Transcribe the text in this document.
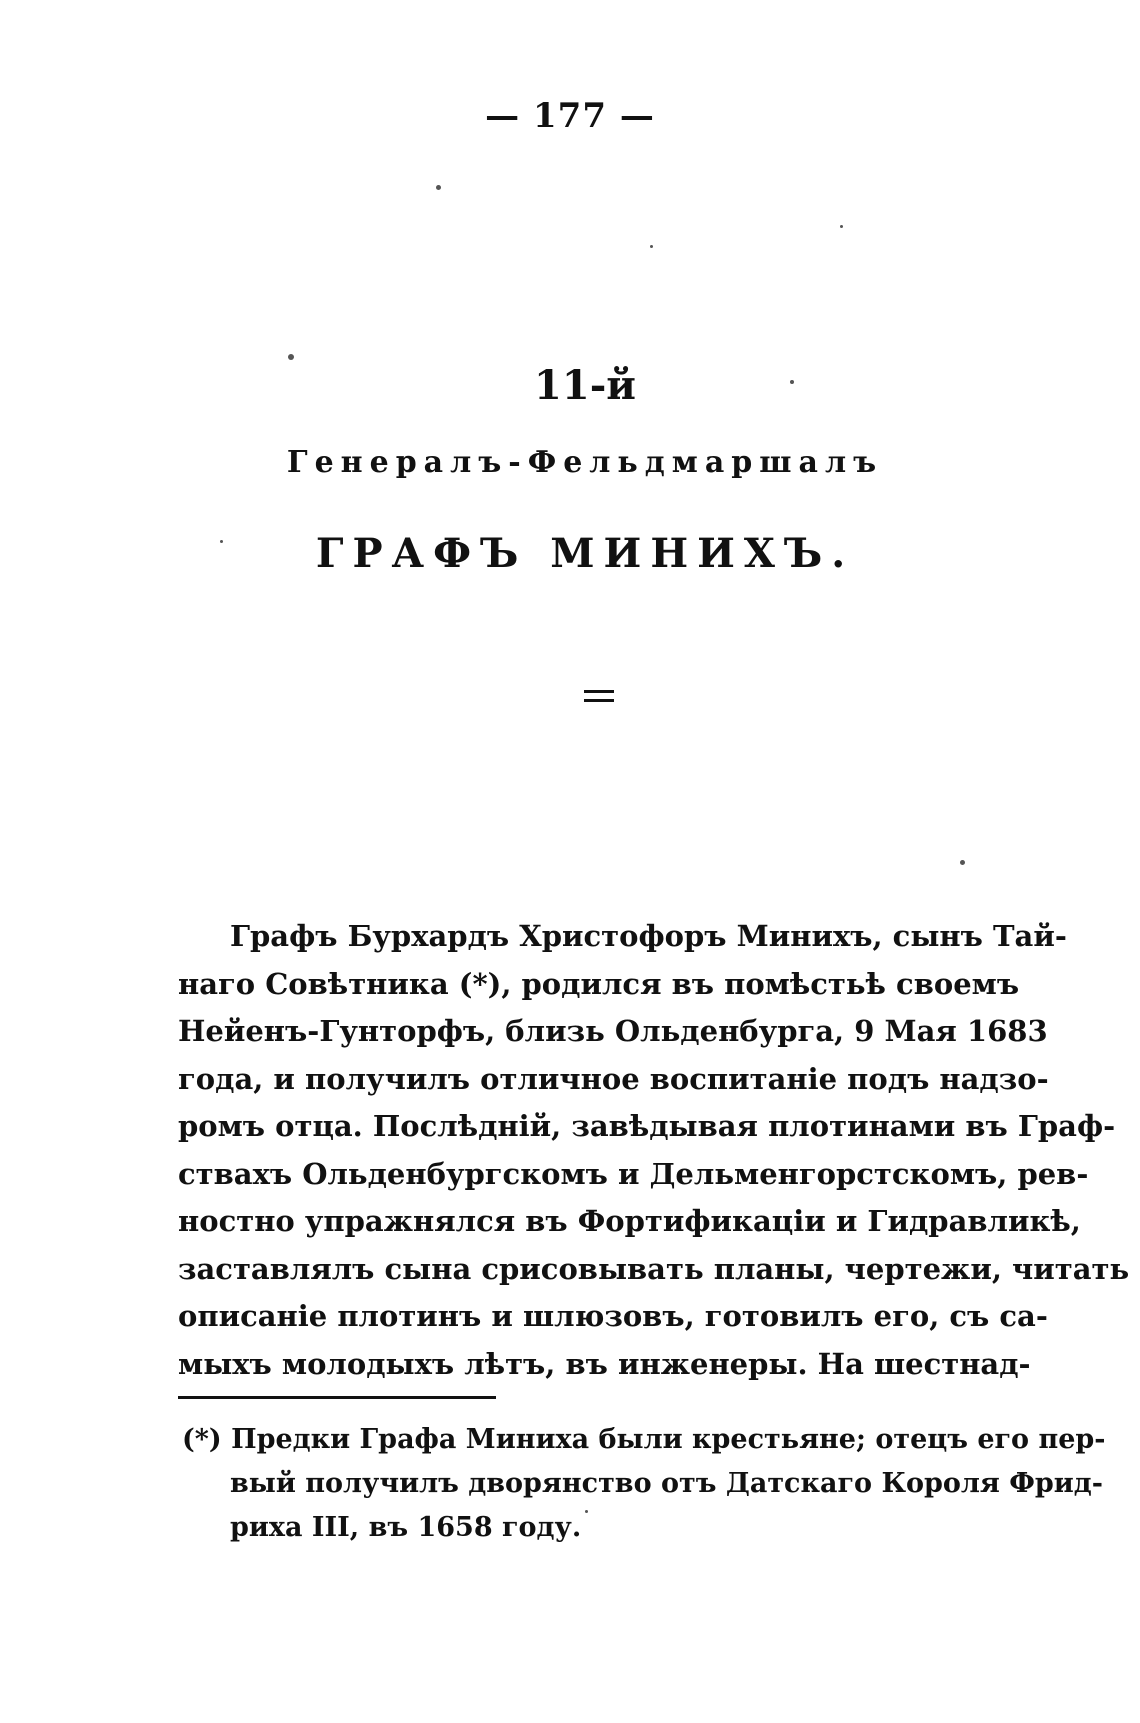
— 177 —
11-й
Генералъ-Фельдмаршалъ
ГРАФЪ МИНИХЪ.
Графъ Бурхардъ Христофоръ Минихъ, сынъ Тай-
наго Совѣтника (*), родился въ помѣстьѣ своемъ
Нейенъ-Гунторфъ, близь Ольденбурга, 9 Мая 1683
года, и получилъ отличное воспитаніе подъ надзо-
ромъ отца. Послѣдній, завѣдывая плотинами въ Граф-
ствахъ Ольденбургскомъ и Дельменгорстскомъ, рев-
ностно упражнялся въ Фортификаціи и Гидравликѣ,
заставлялъ сына срисовывать планы, чертежи, читать
описаніе плотинъ и шлюзовъ, готовилъ его, съ са-
мыхъ молодыхъ лѣтъ, въ инженеры. На шестнад-
(*) Предки Графа Миниха были крестьяне; отецъ его пер-
вый получилъ дворянство отъ Датскаго Короля Фрид-
риха III, въ 1658 году.
